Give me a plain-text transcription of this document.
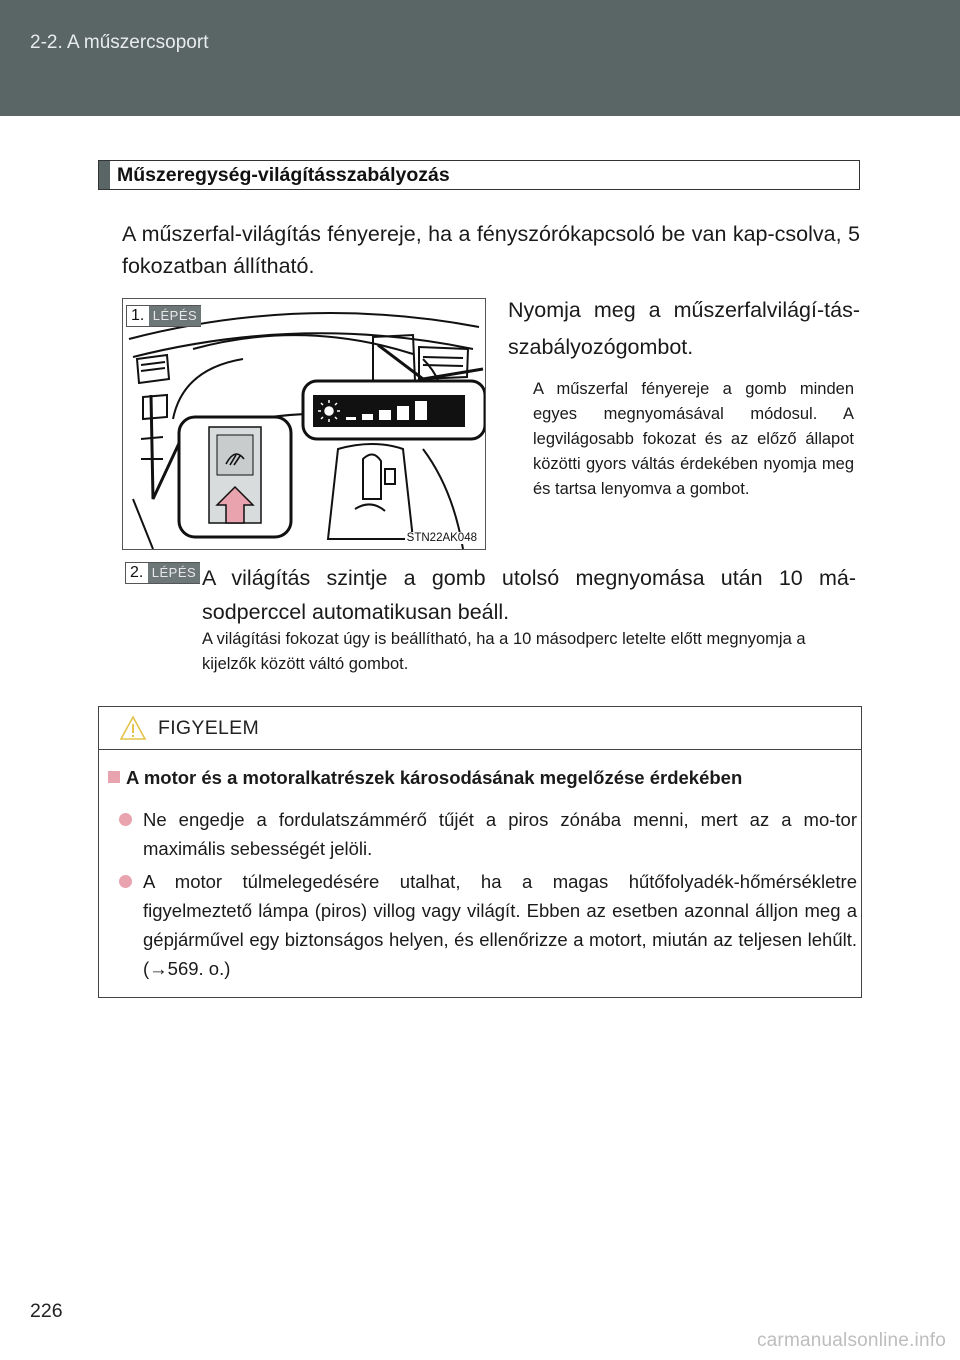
2-2. A műszercsoport
Műszeregység-világításszabályozás

A műszerfal-világítás fényereje, ha a fényszórókapcsoló be van kap-csolva, 5 fokozatban állítható.

1. LÉPÉS
STN22AK048

Nyomja meg a műszerfalvilágí-tás-szabályozógombot.

A műszerfal fényereje a gomb minden egyes megnyomásával módosul. A legvilágosabb fokozat és az előző állapot közötti gyors váltás érdekében nyomja meg és tartsa lenyomva a gombot.

2. LÉPÉS A világítás szintje a gomb utolsó megnyomása után 10 má-sodperccel automatikusan beáll.

A világítási fokozat úgy is beállítható, ha a 10 másodperc letelte előtt megnyomja a kijelzők között váltó gombot.

FIGYELEM

A motor és a motoralkatrészek károsodásának megelőzése érdekében

Ne engedje a fordulatszámmérő tűjét a piros zónába menni, mert az a mo-tor maximális sebességét jelöli.

A motor túlmelegedésére utalhat, ha a magas hűtőfolyadék-hőmérsékletre figyelmeztető lámpa (piros) villog vagy világít. Ebben az esetben azonnal álljon meg a gépjárművel egy biztonságos helyen, és ellenőrizze a motort, miután az teljesen lehűlt. (→569. o.)

226
carmanualsonline.info
